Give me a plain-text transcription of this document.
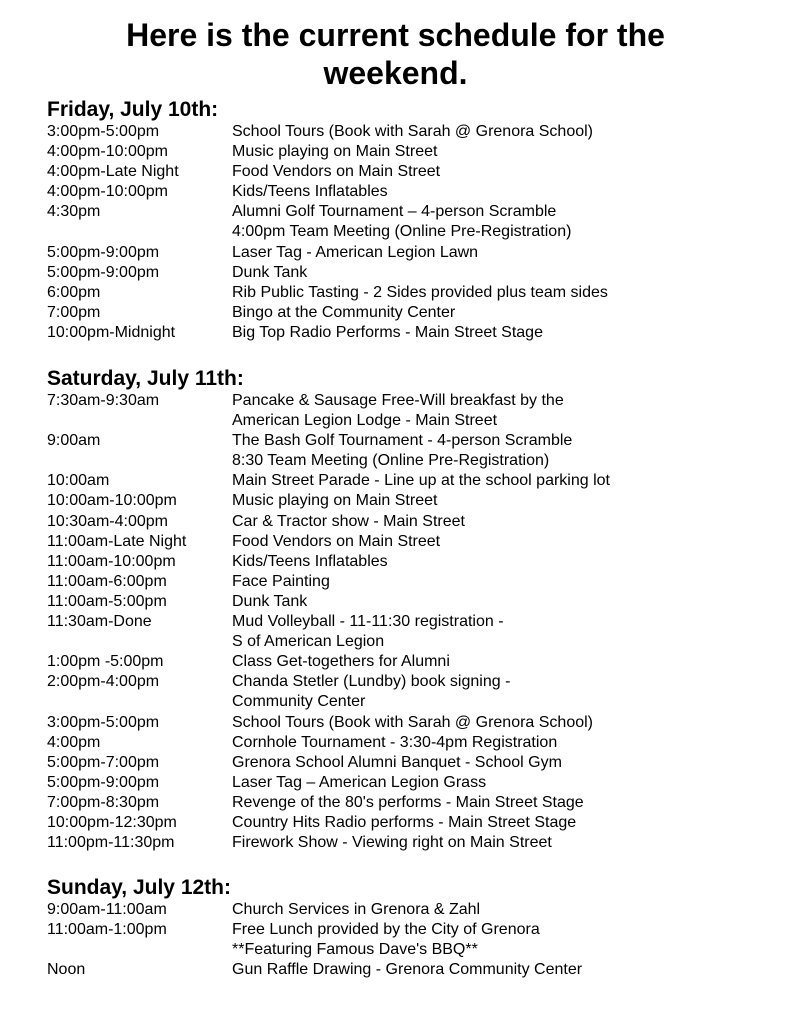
Here is the current schedule for the
weekend.
Friday, July 10th:
3:00pm-5:00pm	School Tours (Book with Sarah @ Grenora School)
4:00pm-10:00pm	Music playing on Main Street
4:00pm-Late Night	Food Vendors on Main Street
4:00pm-10:00pm	Kids/Teens Inflatables
4:30pm	Alumni Golf Tournament – 4-person Scramble
4:00pm Team Meeting (Online Pre-Registration)
5:00pm-9:00pm	Laser Tag - American Legion Lawn
5:00pm-9:00pm	Dunk Tank
6:00pm	Rib Public Tasting - 2 Sides provided plus team sides
7:00pm	Bingo at the Community Center
10:00pm-Midnight	Big Top Radio Performs - Main Street Stage
Saturday, July 11th:
7:30am-9:30am	Pancake & Sausage Free-Will breakfast by the
American Legion Lodge - Main Street
9:00am	The Bash Golf Tournament - 4-person Scramble
8:30 Team Meeting (Online Pre-Registration)
10:00am	Main Street Parade - Line up at the school parking lot
10:00am-10:00pm	Music playing on Main Street
10:30am-4:00pm	Car & Tractor show - Main Street
11:00am-Late Night	Food Vendors on Main Street
11:00am-10:00pm	Kids/Teens Inflatables
11:00am-6:00pm	Face Painting
11:00am-5:00pm	Dunk Tank
11:30am-Done	Mud Volleyball - 11-11:30 registration -
S of American Legion
1:00pm -5:00pm	Class Get-togethers for Alumni
2:00pm-4:00pm	Chanda Stetler (Lundby) book signing -
Community Center
3:00pm-5:00pm	School Tours (Book with Sarah @ Grenora School)
4:00pm	Cornhole Tournament - 3:30-4pm Registration
5:00pm-7:00pm	Grenora School Alumni Banquet - School Gym
5:00pm-9:00pm	Laser Tag – American Legion Grass
7:00pm-8:30pm	Revenge of the 80's performs - Main Street Stage
10:00pm-12:30pm	Country Hits Radio performs - Main Street Stage
11:00pm-11:30pm	Firework Show - Viewing right on Main Street
Sunday, July 12th:
9:00am-11:00am	Church Services in Grenora & Zahl
11:00am-1:00pm	Free Lunch provided by the City of Grenora
**Featuring Famous Dave's BBQ**
Noon	Gun Raffle Drawing - Grenora Community Center
